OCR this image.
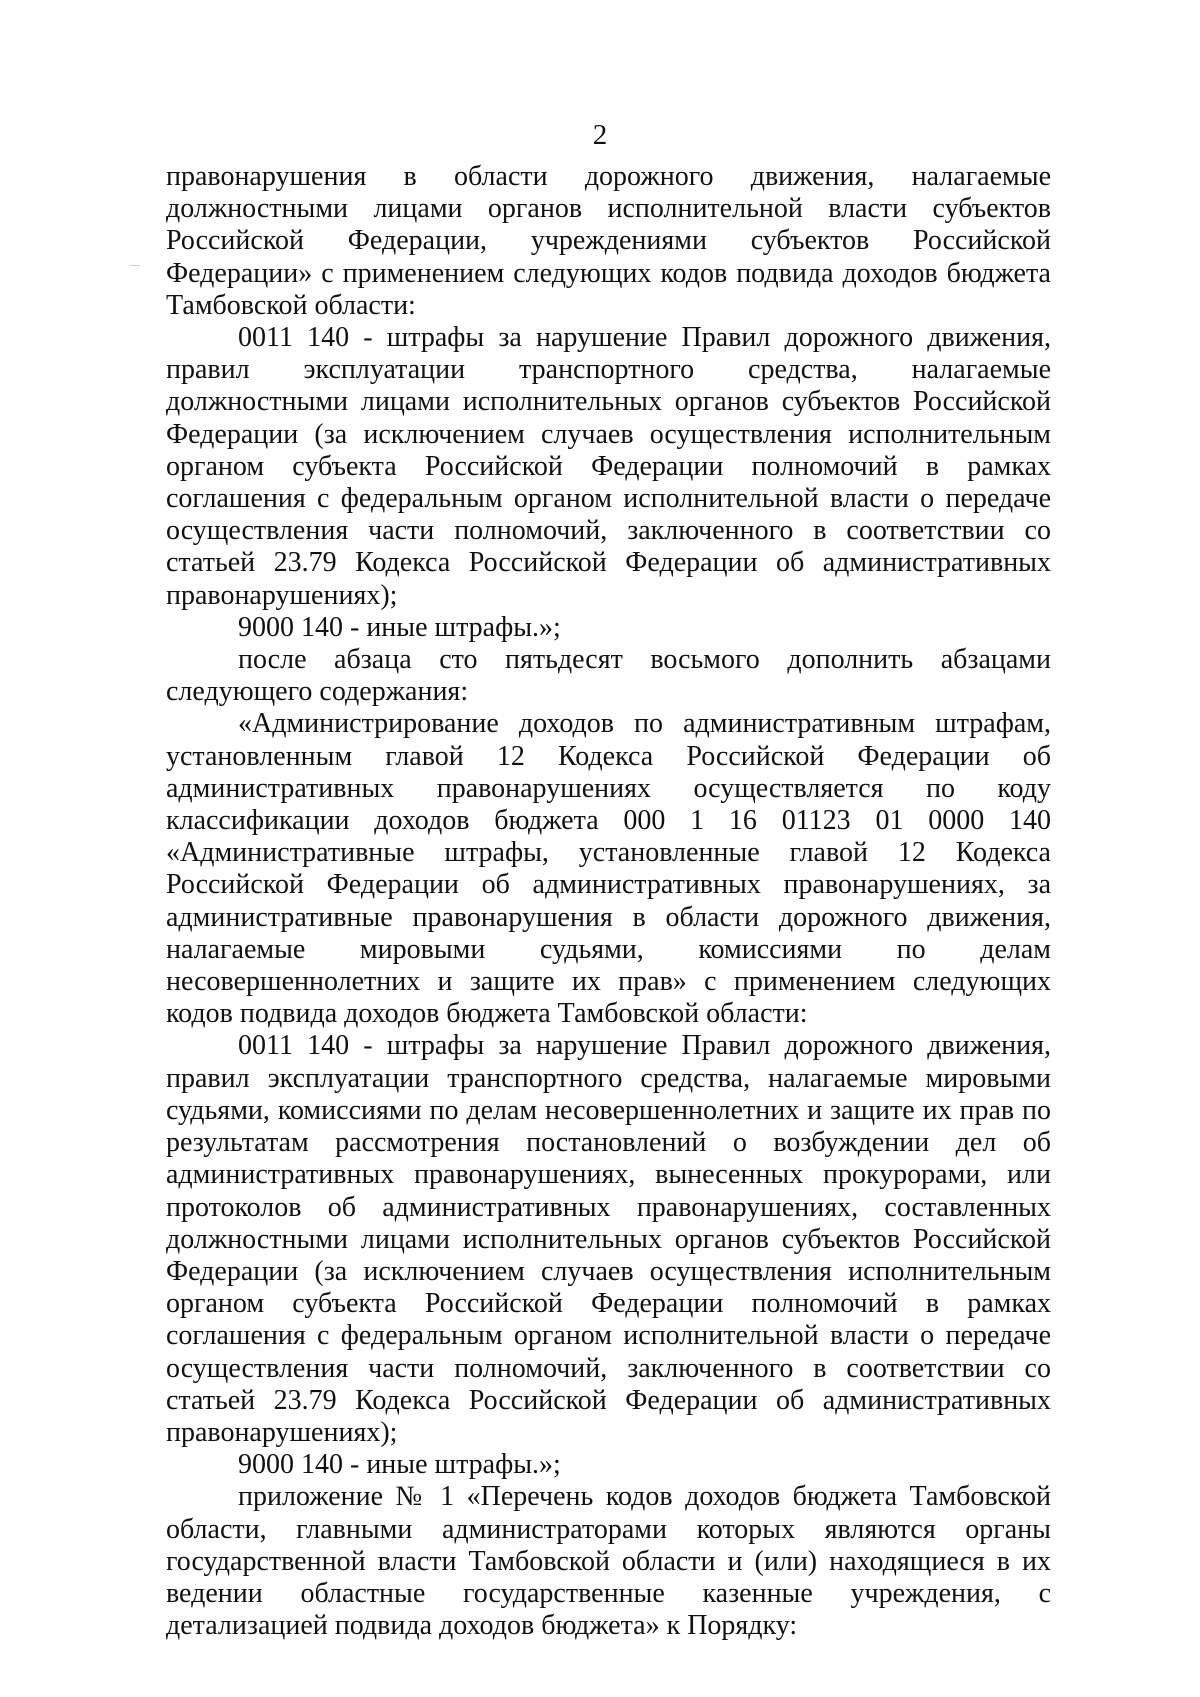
2

правонарушения в области дорожного движения, налагаемые должностными лицами органов исполнительной власти субъектов Российской Федерации, учреждениями субъектов Российской Федерации» с применением следующих кодов подвида доходов бюджета Тамбовской области:

0011 140 - штрафы за нарушение Правил дорожного движения, правил эксплуатации транспортного средства, налагаемые должностными лицами исполнительных органов субъектов Российской Федерации (за исключением случаев осуществления исполнительным органом субъекта Российской Федерации полномочий в рамках соглашения с федеральным органом исполнительной власти о передаче осуществления части полномочий, заключенного в соответствии со статьей 23.79 Кодекса Российской Федерации об административных правонарушениях);

9000 140 - иные штрафы.»;

после абзаца сто пятьдесят восьмого дополнить абзацами следующего содержания:

«Администрирование доходов по административным штрафам, установленным главой 12 Кодекса Российской Федерации об административных правонарушениях осуществляется по коду классификации доходов бюджета 000 1 16 01123 01 0000 140 «Административные штрафы, установленные главой 12 Кодекса Российской Федерации об административных правонарушениях, за административные правонарушения в области дорожного движения, налагаемые мировыми судьями, комиссиями по делам несовершеннолетних и защите их прав» с применением следующих кодов подвида доходов бюджета Тамбовской области:

0011 140 - штрафы за нарушение Правил дорожного движения, правил эксплуатации транспортного средства, налагаемые мировыми судьями, комиссиями по делам несовершеннолетних и защите их прав по результатам рассмотрения постановлений о возбуждении дел об административных правонарушениях, вынесенных прокурорами, или протоколов об административных правонарушениях, составленных должностными лицами исполнительных органов субъектов Российской Федерации (за исключением случаев осуществления исполнительным органом субъекта Российской Федерации полномочий в рамках соглашения с федеральным органом исполнительной власти о передаче осуществления части полномочий, заключенного в соответствии со статьей 23.79 Кодекса Российской Федерации об административных правонарушениях);

9000 140 - иные штрафы.»;

приложение № 1 «Перечень кодов доходов бюджета Тамбовской области, главными администраторами которых являются органы государственной власти Тамбовской области и (или) находящиеся в их ведении областные государственные казенные учреждения, с детализацией подвида доходов бюджета» к Порядку:
